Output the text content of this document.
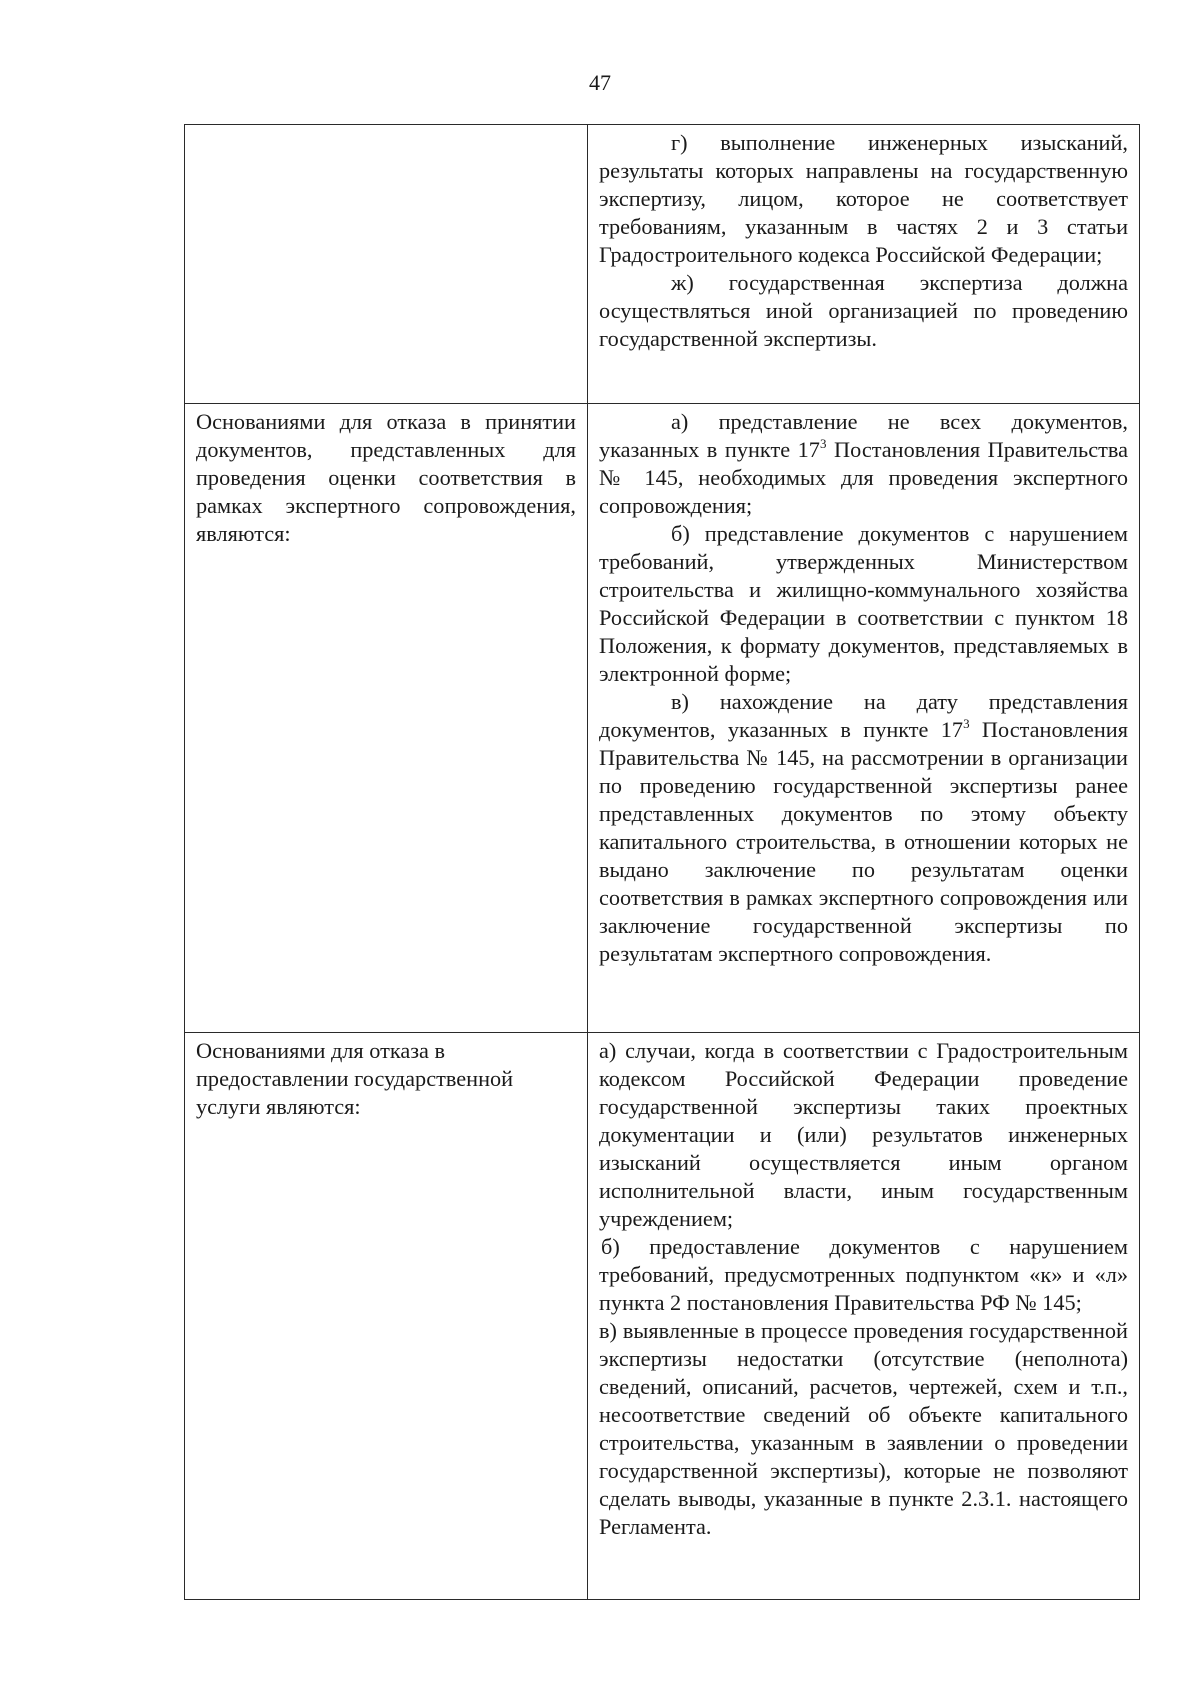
47

	г) выполнение инженерных изысканий, результаты которых направлены на государственную экспертизу, лицом, которое не соответствует требованиям, указанным в частях 2 и 3 статьи Градостроительного кодекса Российской Федерации;

ж) государственная экспертиза должна осуществляться иной организацией по проведению государственной экспертизы.

Основаниями для отказа в принятии документов, представленных для проведения оценки соответствия в рамках экспертного сопровождения, являются:	а) представление не всех документов, указанных в пункте $17^3$ Постановления Правительства № 145, необходимых для проведения экспертного сопровождения;

б) представление документов с нарушением требований, утвержденных Министерством строительства и жилищно-коммунального хозяйства Российской Федерации в соответствии с пунктом 18 Положения, к формату документов, представляемых в электронной форме;

в) нахождение на дату представления документов, указанных в пункте $17^3$ Постановления Правительства № 145, на рассмотрении в организации по проведению государственной экспертизы ранее представленных документов по этому объекту капитального строительства, в отношении которых не выдано заключение по результатам оценки соответствия в рамках экспертного сопровождения или заключение государственной экспертизы по результатам экспертного сопровождения.

Основаниями для отказа в предоставлении государственной услуги являются:	а) случаи, когда в соответствии с Градостроительным кодексом Российской Федерации проведение государственной экспертизы таких проектных документации и (или) результатов инженерных изысканий осуществляется иным органом исполнительной власти, иным государственным учреждением;

б) предоставление документов с нарушением требований, предусмотренных подпунктом «к» и «л» пункта 2 постановления Правительства РФ № 145;

в) выявленные в процессе проведения государственной экспертизы недостатки (отсутствие (неполнота) сведений, описаний, расчетов, чертежей, схем и т.п., несоответствие сведений об объекте капитального строительства, указанным в заявлении о проведении государственной экспертизы), которые не позволяют сделать выводы, указанные в пункте 2.3.1. настоящего Регламента.
